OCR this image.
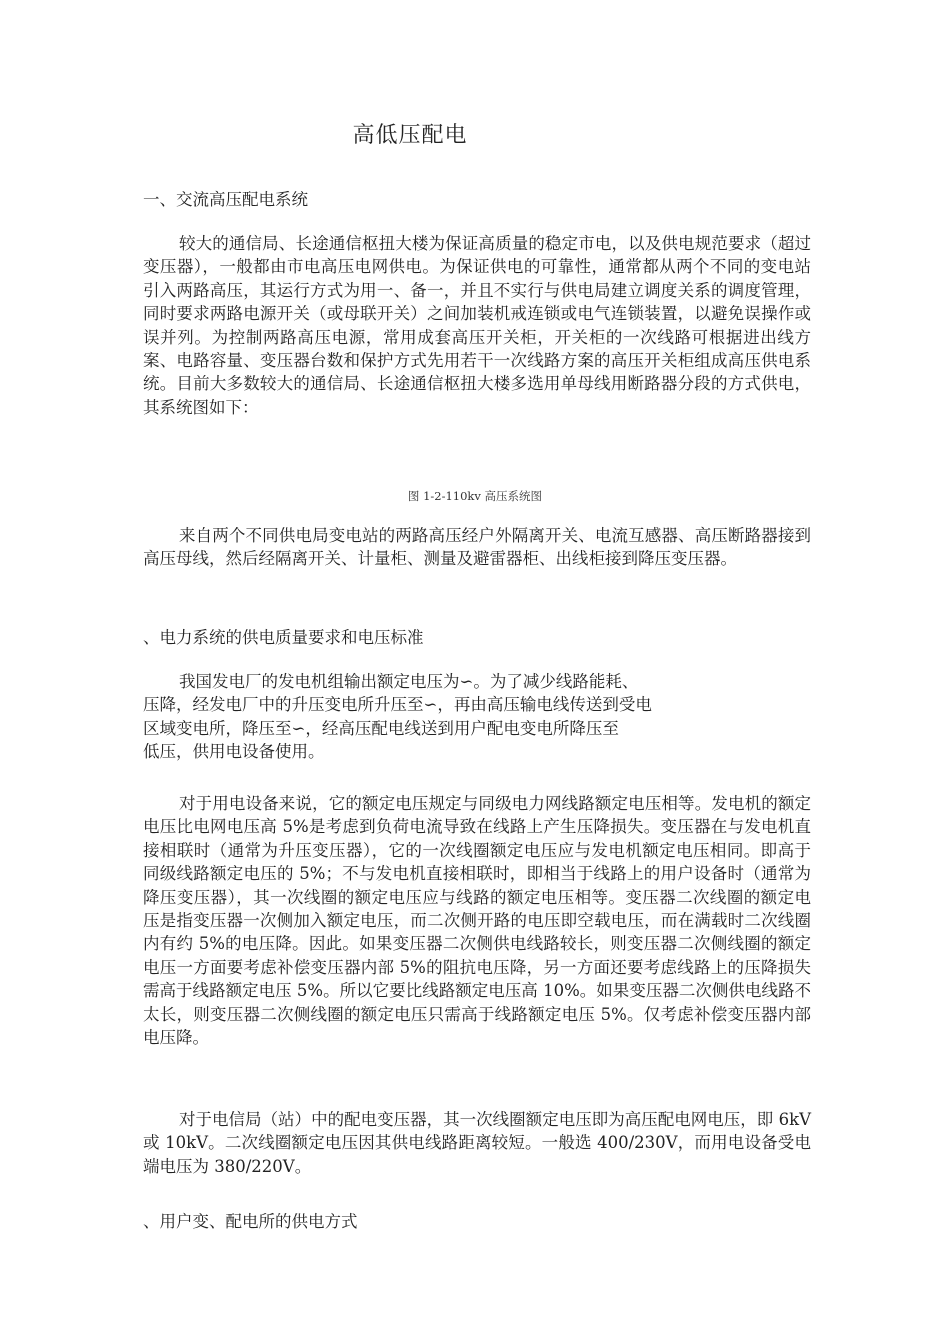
高低压配电
一、交流高压配电系统
较大的通信局、长途通信枢扭大楼为保证高质量的稳定市电，以及供电规范要求（超过变压器），一般都由市电高压电网供电。为保证供电的可靠性，通常都从两个不同的变电站引入两路高压，其运行方式为用一、备一，并且不实行与供电局建立调度关系的调度管理，同时要求两路电源开关（或母联开关）之间加装机戒连锁或电气连锁装置，以避免误操作或误并列。为控制两路高压电源，常用成套高压开关柜，开关柜的一次线路可根据进出线方案、电路容量、变压器台数和保护方式先用若干一次线路方案的高压开关柜组成高压供电系统。目前大多数较大的通信局、长途通信枢扭大楼多选用单母线用断路器分段的方式供电，其系统图如下：
图 1-2-110kv 高压系统图
来自两个不同供电局变电站的两路高压经户外隔离开关、电流互感器、高压断路器接到高压母线，然后经隔离开关、计量柜、测量及避雷器柜、出线柜接到降压变压器。
、电力系统的供电质量要求和电压标准
我国发电厂的发电机组输出额定电压为∽。为了减少线路能耗、
压降，经发电厂中的升压变电所升压至∽，再由高压输电线传送到受电
区域变电所，降压至∽，经高压配电线送到用户配电变电所降压至
低压，供用电设备使用。
对于用电设备来说，它的额定电压规定与同级电力网线路额定电压相等。发电机的额定电压比电网电压高 5%是考虑到负荷电流导致在线路上产生压降损失。变压器在与发电机直接相联时（通常为升压变压器），它的一次线圈额定电压应与发电机额定电压相同。即高于同级线路额定电压的 5%；不与发电机直接相联时，即相当于线路上的用户设备时（通常为降压变压器），其一次线圈的额定电压应与线路的额定电压相等。变压器二次线圈的额定电压是指变压器一次侧加入额定电压，而二次侧开路的电压即空载电压，而在满载时二次线圈内有约 5%的电压降。因此。如果变压器二次侧供电线路较长，则变压器二次侧线圈的额定电压一方面要考虑补偿变压器内部 5%的阻抗电压降，另一方面还要考虑线路上的压降损失需高于线路额定电压 5%。所以它要比线路额定电压高 10%。如果变压器二次侧供电线路不太长，则变压器二次侧线圈的额定电压只需高于线路额定电压 5%。仅考虑补偿变压器内部电压降。
对于电信局（站）中的配电变压器，其一次线圈额定电压即为高压配电网电压，即 6kV 或 10kV。二次线圈额定电压因其供电线路距离较短。一般选 400/230V，而用电设备受电端电压为 380/220V。
、用户变、配电所的供电方式
